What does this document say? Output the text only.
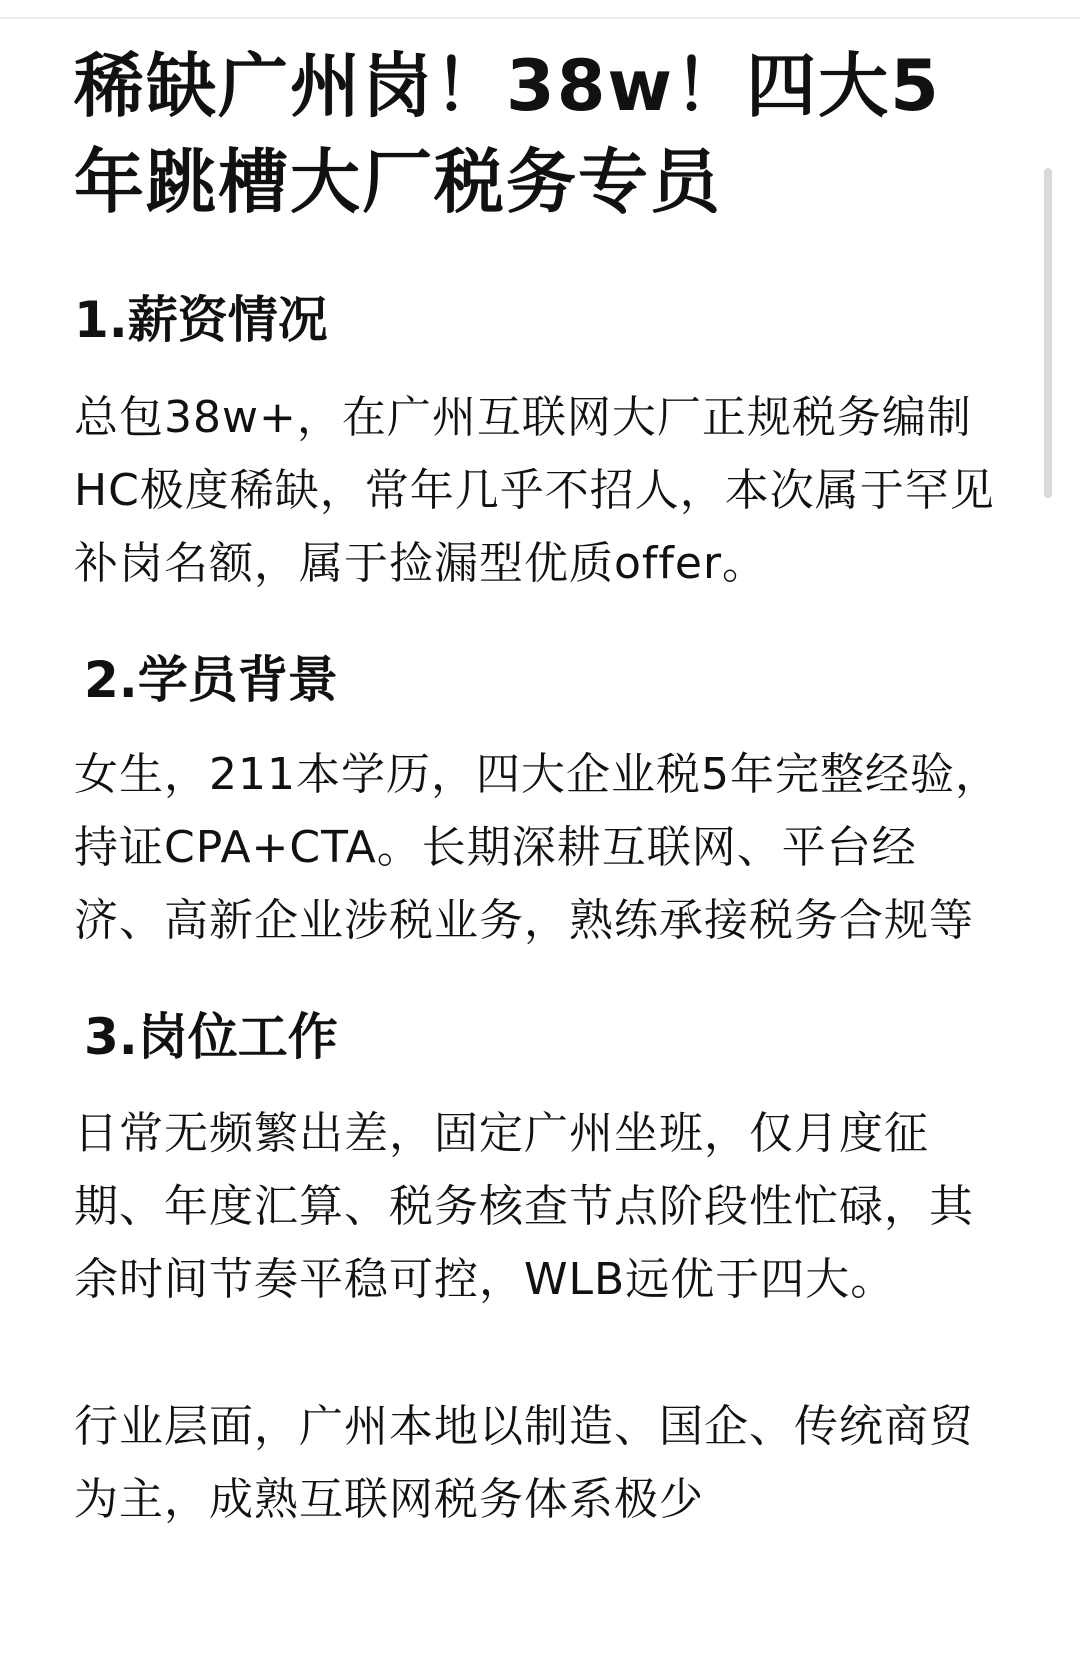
稀缺广州岗！38w！四大5年跳槽大厂税务专员
1.薪资情况

总包38w+，在广州互联网大厂正规税务编制HC极度稀缺，常年几乎不招人，本次属于罕见补岗名额，属于捡漏型优质offer。

2.学员背景

女生，211本学历，四大企业税5年完整经验，持证CPA+CTA。长期深耕互联网、平台经济、高新企业涉税业务，熟练承接税务合规等

3.岗位工作

日常无频繁出差，固定广州坐班，仅月度征期、年度汇算、税务核查节点阶段性忙碌，其余时间节奏平稳可控，WLB远优于四大。

行业层面，广州本地以制造、国企、传统商贸为主，成熟互联网税务体系极少
